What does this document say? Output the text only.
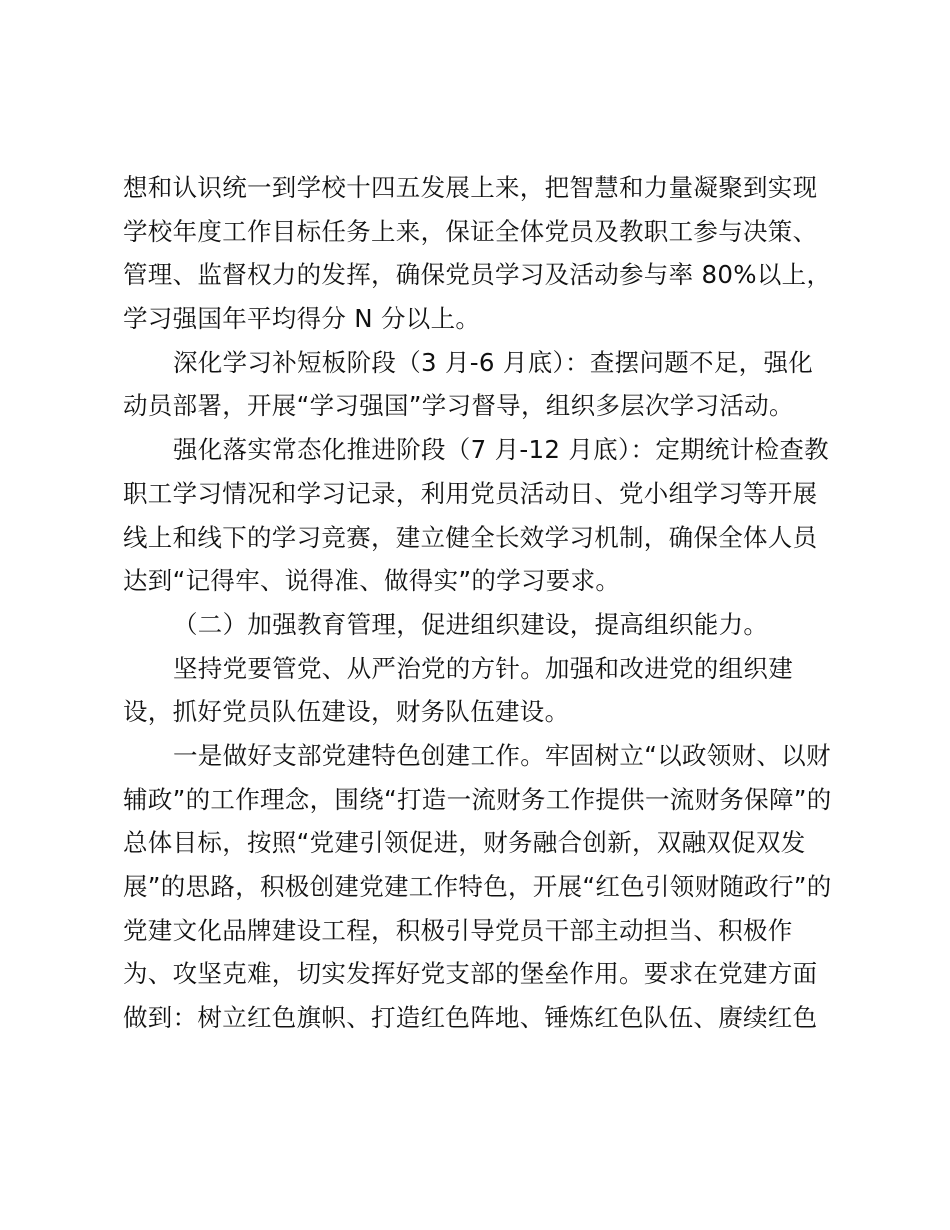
想和认识统一到学校十四五发展上来，把智慧和力量凝聚到实现
学校年度工作目标任务上来，保证全体党员及教职工参与决策、
管理、监督权力的发挥，确保党员学习及活动参与率 80%以上，
学习强国年平均得分 N 分以上。
深化学习补短板阶段（3 月-6 月底）：查摆问题不足，强化
动员部署，开展“学习强国”学习督导，组织多层次学习活动。
强化落实常态化推进阶段（7 月-12 月底）：定期统计检查教
职工学习情况和学习记录，利用党员活动日、党小组学习等开展
线上和线下的学习竞赛，建立健全长效学习机制，确保全体人员
达到“记得牢、说得准、做得实”的学习要求。
（二）加强教育管理，促进组织建设，提高组织能力。
坚持党要管党、从严治党的方针。加强和改进党的组织建
设，抓好党员队伍建设，财务队伍建设。
一是做好支部党建特色创建工作。牢固树立“以政领财、以财
辅政”的工作理念，围绕“打造一流财务工作提供一流财务保障”的
总体目标，按照“党建引领促进，财务融合创新，双融双促双发
展”的思路，积极创建党建工作特色，开展“红色引领财随政行”的
党建文化品牌建设工程，积极引导党员干部主动担当、积极作
为、攻坚克难，切实发挥好党支部的堡垒作用。要求在党建方面
做到：树立红色旗帜、打造红色阵地、锤炼红色队伍、赓续红色
